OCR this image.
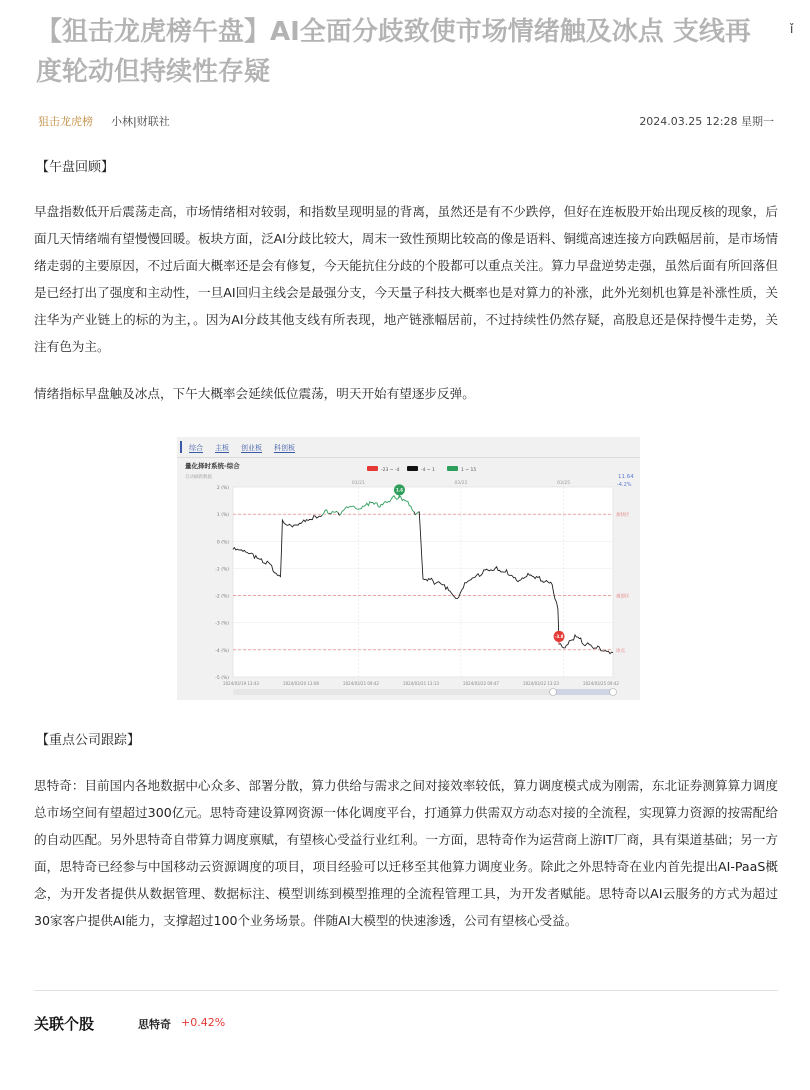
【狙击龙虎榜午盘】AI全面分歧致使市场情绪触及冰点 支线再度轮动但持续性存疑
ǐ
狙击龙虎榜 小林|财联社	2024.03.25 12:28 星期一
【午盘回顾】
早盘指数低开后震荡走高，市场情绪相对较弱，和指数呈现明显的背离，虽然还是有不少跌停，但好在连板股开始出现反核的现象，后面几天情绪端有望慢慢回暖。板块方面，泛AI分歧比较大，周末一致性预期比较高的像是语料、铜缆高速连接方向跌幅居前，是市场情绪走弱的主要原因，不过后面大概率还是会有修复，今天能抗住分歧的个股都可以重点关注。算力早盘逆势走强，虽然后面有所回落但是已经打出了强度和主动性，一旦AI回归主线会是最强分支，今天量子科技大概率也是对算力的补涨，此外光刻机也算是补涨性质，关注华为产业链上的标的为主，。因为AI分歧其他支线有所表现，地产链涨幅居前，不过持续性仍然存疑，高股息还是保持慢牛走势，关注有色为主。
情绪指标早盘触及冰点，下午大概率会延续低位震荡，明天开始有望逐步反弹。
综合 主板 创业板 科创板
量化择时系统-综合
自动刷新数据
-23 ~ -4	-4 ~ 1	1 ~ 15
11.64
-4.2%
2 (%)
1 (%)
0 (%)
-1 (%)
-2 (%)
-3 (%)
-4 (%)
-5 (%)
03/21	03/22	03/25
加快区
观望区
冰点
1.6
-3.8
2024/03/19 13:43	2024/03/20 13:08	2024/03/21 09:42	2024/03/21 13:13	2024/03/22 09:47	2024/03/22 13:23	2024/03/25 09:42
【重点公司跟踪】
思特奇：目前国内各地数据中心众多、部署分散，算力供给与需求之间对接效率较低，算力调度模式成为刚需，东北证券测算算力调度总市场空间有望超过300亿元。思特奇建设算网资源一体化调度平台，打通算力供需双方动态对接的全流程，实现算力资源的按需配给的自动匹配。另外思特奇自带算力调度禀赋，有望核心受益行业红利。一方面，思特奇作为运营商上游IT厂商，具有渠道基础；另一方面，思特奇已经参与中国移动云资源调度的项目，项目经验可以迁移至其他算力调度业务。除此之外思特奇在业内首先提出AI-PaaS概念，为开发者提供从数据管理、数据标注、模型训练到模型推理的全流程管理工具，为开发者赋能。思特奇以AI云服务的方式为超过30家客户提供AI能力，支撑超过100个业务场景。伴随AI大模型的快速渗透，公司有望核心受益。
关联个股	思特奇 +0.42%
